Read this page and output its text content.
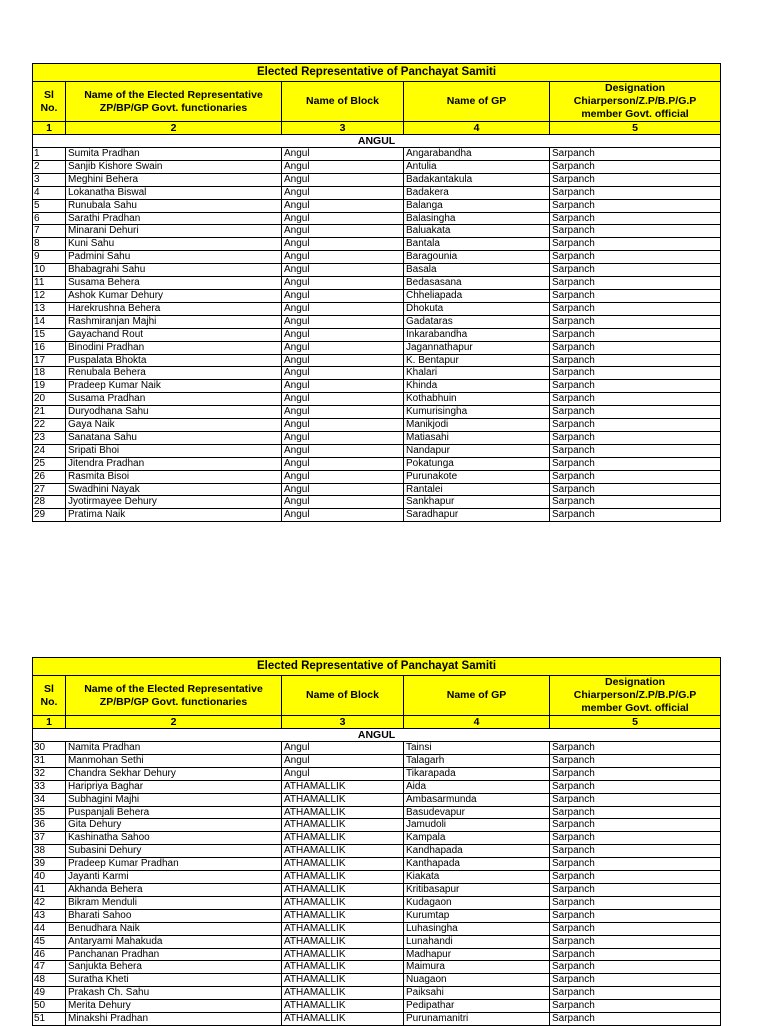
Elected Representative of Panchayat Samiti				
Sl No.	Name of the Elected Representative ZP/BP/GP Govt. functionaries	Name of Block	Name of GP	Designation Chiarperson/Z.P/B.P/G.P member Govt. official
1	2	3	4	5
ANGUL				
1	Sumita Pradhan	Angul	Angarabandha	Sarpanch
2	Sanjib Kishore Swain	Angul	Antulia	Sarpanch
3	Meghini Behera	Angul	Badakantakula	Sarpanch
4	Lokanatha Biswal	Angul	Badakera	Sarpanch
5	Runubala Sahu	Angul	Balanga	Sarpanch
6	Sarathi Pradhan	Angul	Balasingha	Sarpanch
7	Minarani Dehuri	Angul	Baluakata	Sarpanch
8	Kuni Sahu	Angul	Bantala	Sarpanch
9	Padmini Sahu	Angul	Baragounia	Sarpanch
10	Bhabagrahi Sahu	Angul	Basala	Sarpanch
11	Susama Behera	Angul	Bedasasana	Sarpanch
12	Ashok Kumar Dehury	Angul	Chheliapada	Sarpanch
13	Harekrushna Behera	Angul	Dhokuta	Sarpanch
14	Rashmiranjan Majhi	Angul	Gadataras	Sarpanch
15	Gayachand Rout	Angul	Inkarabandha	Sarpanch
16	Binodini Pradhan	Angul	Jagannathapur	Sarpanch
17	Puspalata Bhokta	Angul	K. Bentapur	Sarpanch
18	Renubala Behera	Angul	Khalari	Sarpanch
19	Pradeep Kumar Naik	Angul	Khinda	Sarpanch
20	Susama Pradhan	Angul	Kothabhuin	Sarpanch
21	Duryodhana Sahu	Angul	Kumurisingha	Sarpanch
22	Gaya Naik	Angul	Manikjodi	Sarpanch
23	Sanatana Sahu	Angul	Matiasahi	Sarpanch
24	Sripati Bhoi	Angul	Nandapur	Sarpanch
25	Jitendra Pradhan	Angul	Pokatunga	Sarpanch
26	Rasmita Bisoi	Angul	Purunakote	Sarpanch
27	Swadhini Nayak	Angul	Rantalei	Sarpanch
28	Jyotirmayee Dehury	Angul	Sankhapur	Sarpanch
29	Pratima Naik	Angul	Saradhapur	Sarpanch
Elected Representative of Panchayat Samiti				
Sl No.	Name of the Elected Representative ZP/BP/GP Govt. functionaries	Name of Block	Name of GP	Designation Chiarperson/Z.P/B.P/G.P member Govt. official
1	2	3	4	5
ANGUL				
30	Namita Pradhan	Angul	Tainsi	Sarpanch
31	Manmohan Sethi	Angul	Talagarh	Sarpanch
32	Chandra Sekhar Dehury	Angul	Tikarapada	Sarpanch
33	Haripriya Baghar	ATHAMALLIK	Aida	Sarpanch
34	Subhagini Majhi	ATHAMALLIK	Ambasarmunda	Sarpanch
35	Puspanjali Behera	ATHAMALLIK	Basudevapur	Sarpanch
36	Gita Dehury	ATHAMALLIK	Jamudoli	Sarpanch
37	Kashinatha Sahoo	ATHAMALLIK	Kampala	Sarpanch
38	Subasini Dehury	ATHAMALLIK	Kandhapada	Sarpanch
39	Pradeep Kumar Pradhan	ATHAMALLIK	Kanthapada	Sarpanch
40	Jayanti Karmi	ATHAMALLIK	Kiakata	Sarpanch
41	Akhanda Behera	ATHAMALLIK	Kritibasapur	Sarpanch
42	Bikram Menduli	ATHAMALLIK	Kudagaon	Sarpanch
43	Bharati Sahoo	ATHAMALLIK	Kurumtap	Sarpanch
44	Benudhara Naik	ATHAMALLIK	Luhasingha	Sarpanch
45	Antaryami Mahakuda	ATHAMALLIK	Lunahandi	Sarpanch
46	Panchanan Pradhan	ATHAMALLIK	Madhapur	Sarpanch
47	Sanjukta Behera	ATHAMALLIK	Maimura	Sarpanch
48	Suratha Kheti	ATHAMALLIK	Nuagaon	Sarpanch
49	Prakash Ch. Sahu	ATHAMALLIK	Paiksahi	Sarpanch
50	Merita Dehury	ATHAMALLIK	Pedipathar	Sarpanch
51	Minakshi Pradhan	ATHAMALLIK	Purunamanitri	Sarpanch
